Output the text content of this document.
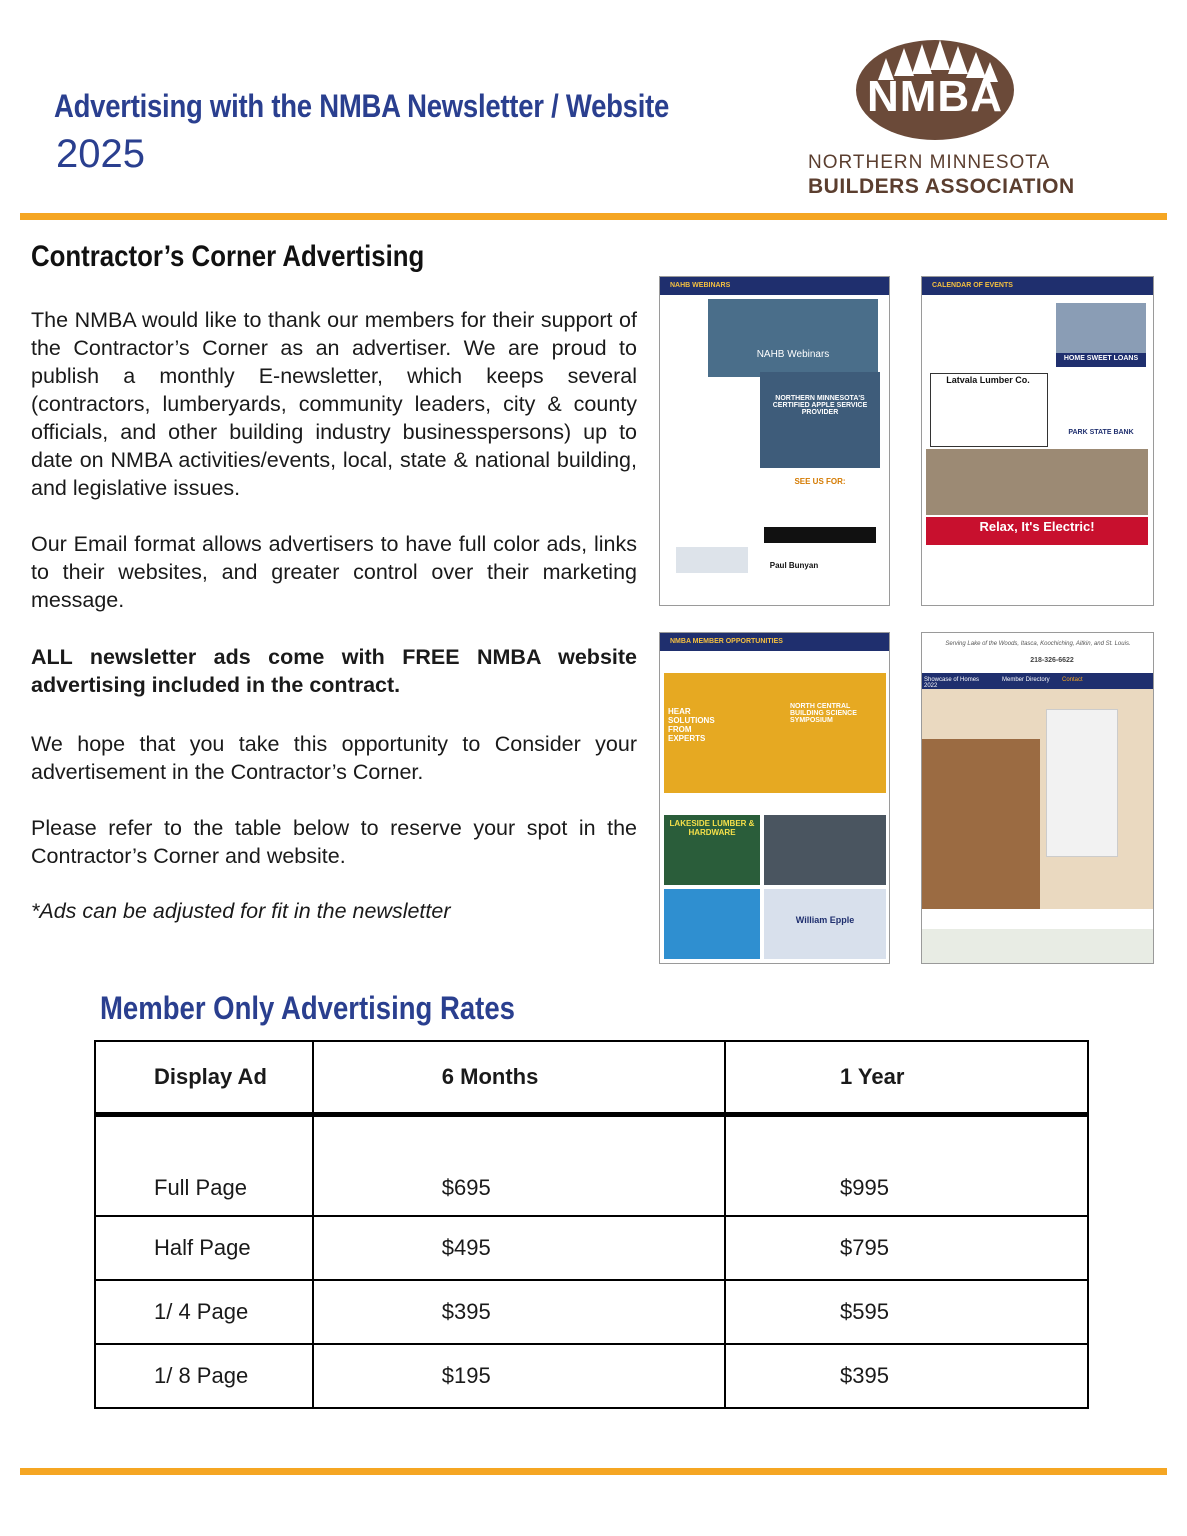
Advertising with the NMBA Newsletter / Website
2025
NMBA
NORTHERN MINNESOTA
BUILDERS ASSOCIATION
Contractor’s Corner Advertising
The NMBA would like to thank our members for their support of the Contractor’s Corner as an advertiser. We are proud to publish a monthly E-newsletter, which keeps several (contractors, lumberyards, community leaders, city & county officials, and other building industry businesspersons) up to date on NMBA activities/events, local, state & national building, and legislative issues.
Our Email format allows advertisers to have full color ads, links to their websites, and greater control over their marketing message.
ALL newsletter ads come with FREE NMBA website advertising included in the contract.
We hope that you take this opportunity to Consider your advertisement in the Contractor’s Corner.
Please refer to the table below to reserve your spot in the Contractor’s Corner and website.
*Ads can be adjusted for fit in the newsletter
NAHB WEBINARS
NAHB Webinars
NORTHERN MINNESOTA'S CERTIFIED APPLE SERVICE PROVIDER
SEE US FOR:
Paul Bunyan
CALENDAR OF EVENTS
HOME SWEET LOANS
Latvala Lumber Co.
PARK STATE BANK
Relax, It's Electric!
NMBA MEMBER OPPORTUNITIES
HEAR SOLUTIONS FROM EXPERTS
NORTH CENTRAL BUILDING SCIENCE SYMPOSIUM
LAKESIDE LUMBER & HARDWARE
William Epple
Serving Lake of the Woods, Itasca, Koochiching, Aitkin, and St. Louis.
218-326-6622
Showcase of Homes 2022
Member Directory	Contact
Member Only Advertising Rates
Display Ad	6 Months	1 Year
Full Page	$695	$995
Half Page	$495	$795
1/ 4 Page	$395	$595
1/ 8 Page	$195	$395
